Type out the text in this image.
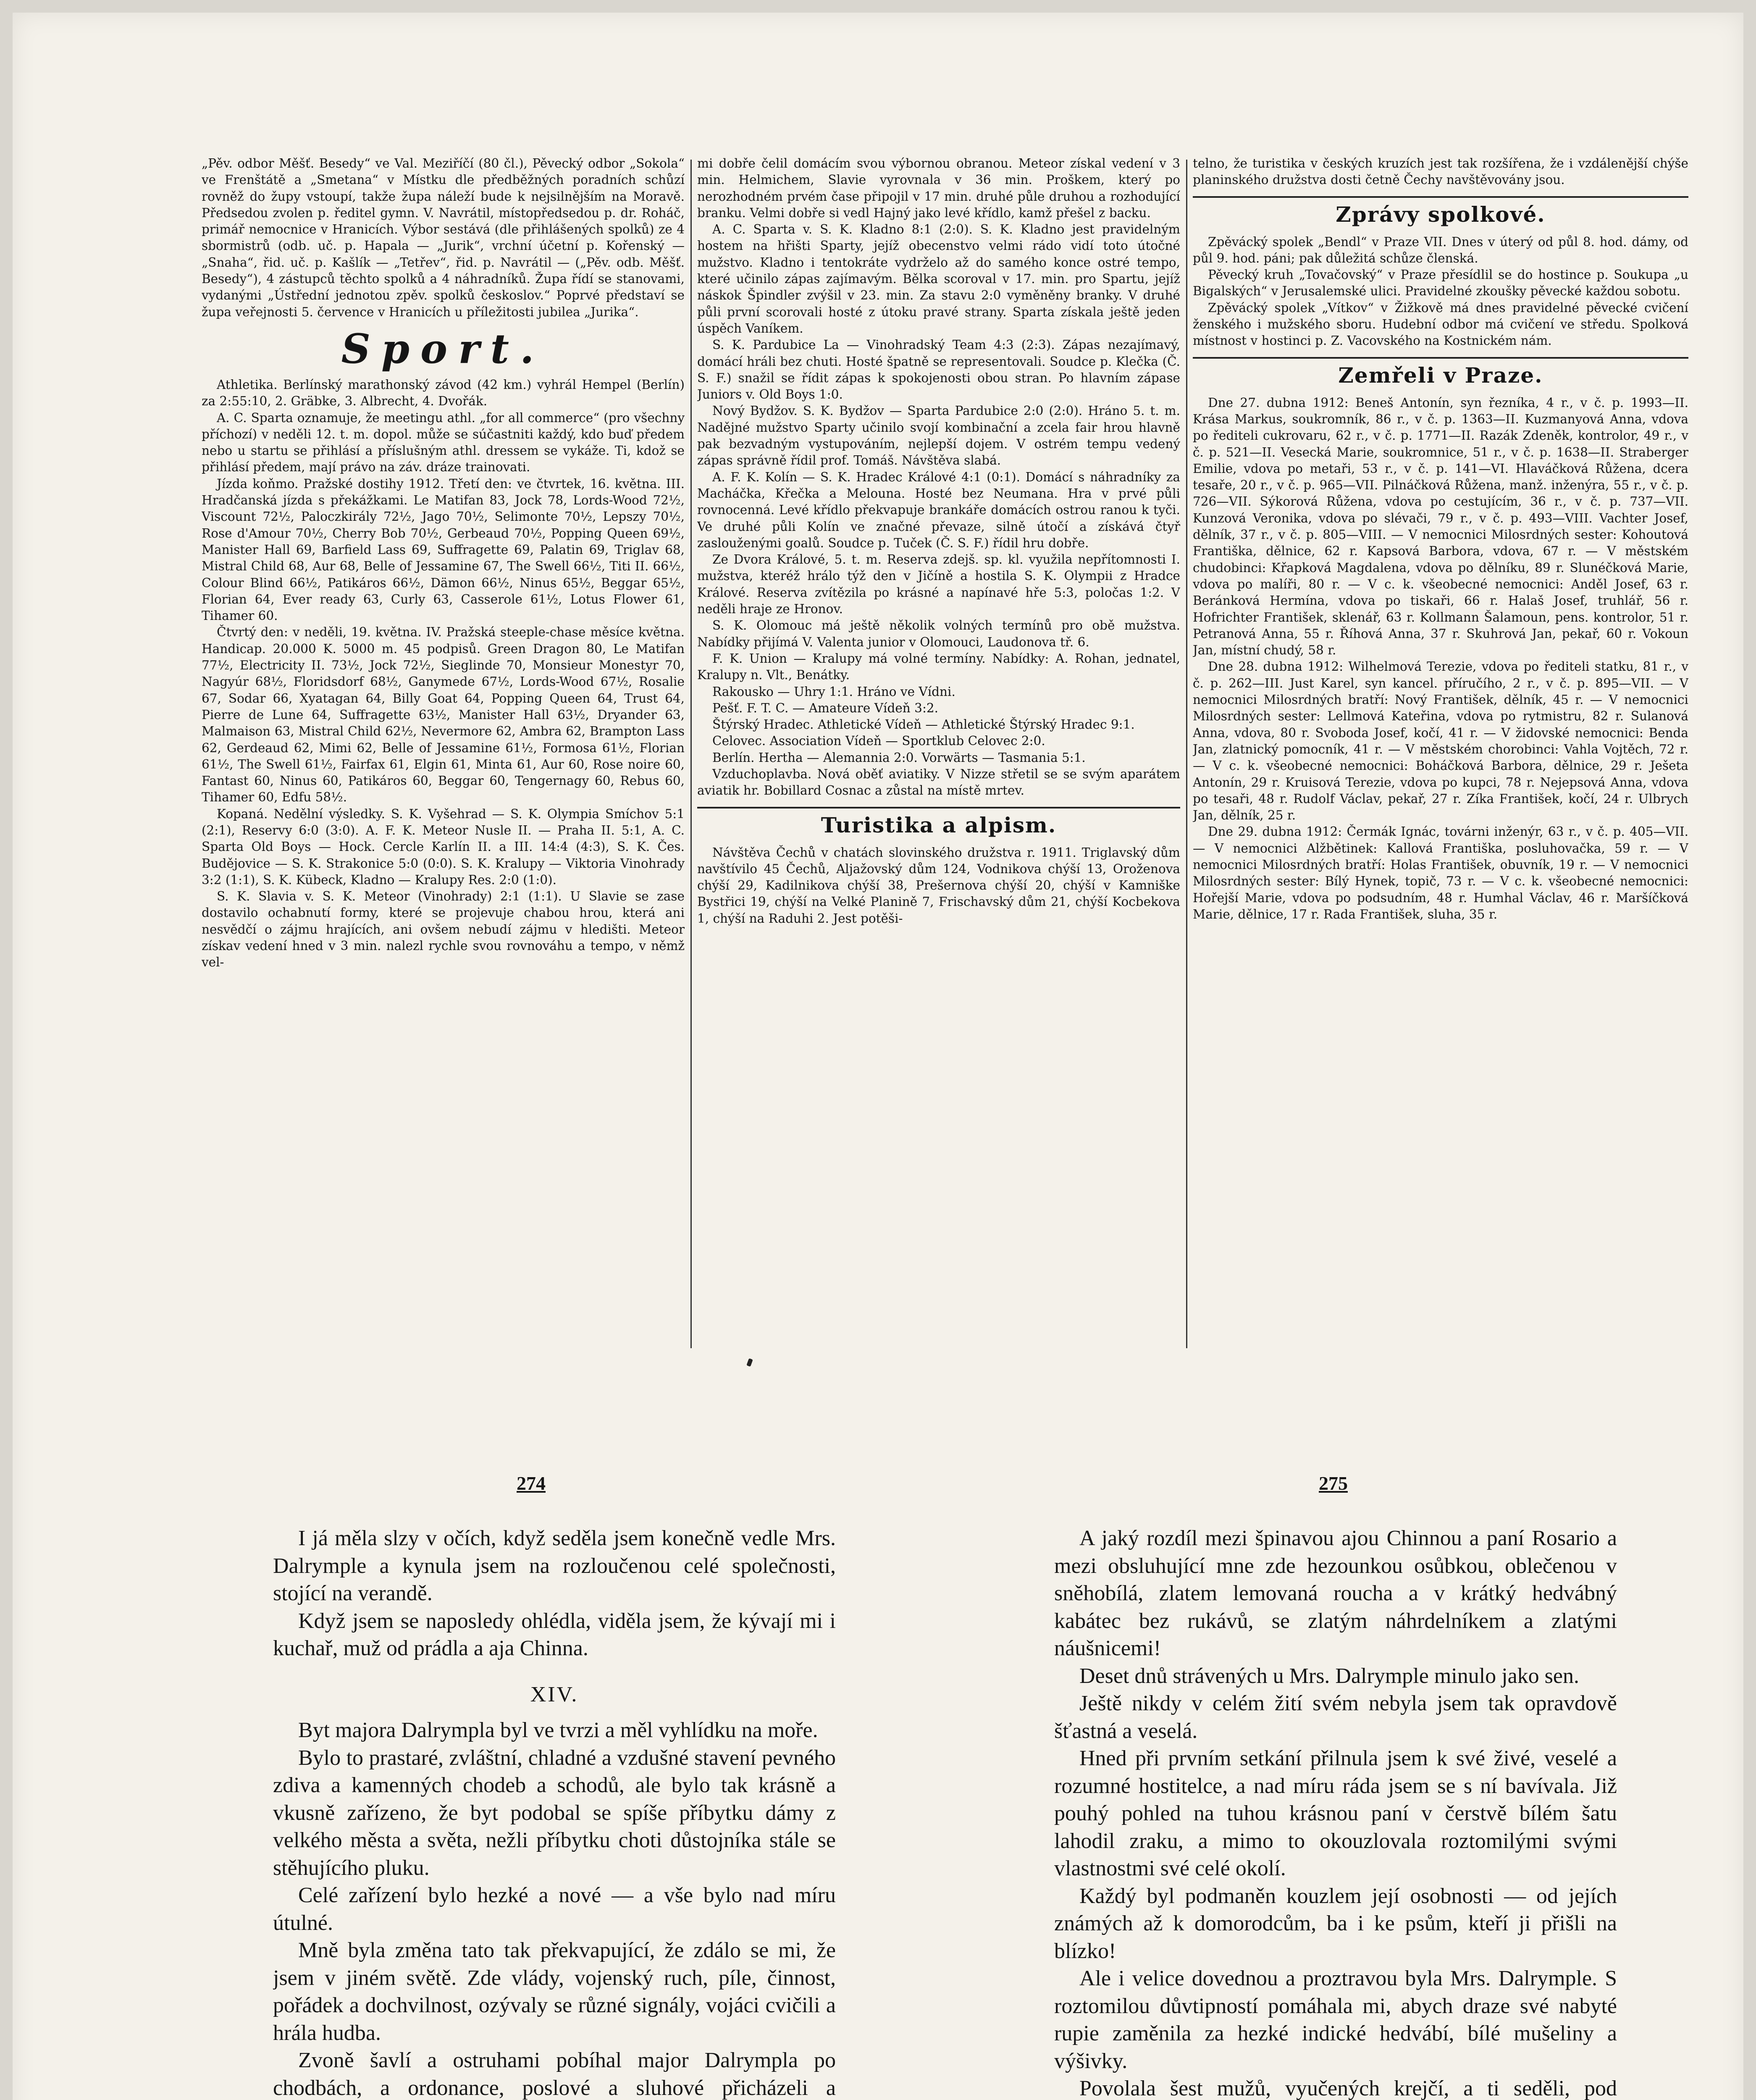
„Pěv. odbor Měšť. Besedy“ ve Val. Meziříčí (80 čl.), Pěvecký odbor „Sokola“ ve Frenštátě a „Smetana“ v Místku dle předběžných poradních schůzí rovněž do župy vstoupí, takže župa náleží bude k nejsilnějším na Moravě. Předsedou zvolen p. ředitel gymn. V. Navrátil, místopředsedou p. dr. Roháč, primář nemocnice v Hranicích. Výbor sestává (dle přihlášených spolků) ze 4 sbormistrů (odb. uč. p. Hapala — „Jurik“, vrchní účetní p. Kořenský — „Snaha“, řid. uč. p. Kašlík — „Tetřev“, řid. p. Navrátil — („Pěv. odb. Měšť. Besedy“), 4 zástupců těchto spolků a 4 náhradníků. Župa řídí se stanovami, vydanými „Ústřední jednotou zpěv. spolků českoslov.“ Poprvé představí se župa veřejnosti 5. července v Hranicích u příležitosti jubilea „Jurika“.

Sport.

Athletika. Berlínský marathonský závod (42 km.) vyhrál Hempel (Berlín) za 2:55:10, 2. Gräbke, 3. Albrecht, 4. Dvořák.

A. C. Sparta oznamuje, že meetingu athl. „for all commerce“ (pro všechny příchozí) v neděli 12. t. m. dopol. může se súčastniti každý, kdo buď předem nebo u startu se přihlásí a příslušným athl. dressem se vykáže. Ti, kdož se přihlásí předem, mají právo na záv. dráze trainovati.

Jízda koňmo. Pražské dostihy 1912. Třetí den: ve čtvrtek, 16. května. III. Hradčanská jízda s překážkami. Le Matifan 83, Jock 78, Lords-Wood 72½, Viscount 72½, Paloczkirály 72½, Jago 70½, Selimonte 70½, Lepszy 70½, Rose d'Amour 70½, Cherry Bob 70½, Gerbeaud 70½, Popping Queen 69½, Manister Hall 69, Barfield Lass 69, Suffragette 69, Palatin 69, Triglav 68, Mistral Child 68, Aur 68, Belle of Jessamine 67, The Swell 66½, Titi II. 66½, Colour Blind 66½, Patikáros 66½, Dämon 66½, Ninus 65½, Beggar 65½, Florian 64, Ever ready 63, Curly 63, Casserole 61½, Lotus Flower 61, Tihamer 60.

Čtvrtý den: v neděli, 19. května. IV. Pražská steeple-chase měsíce května. Handicap. 20.000 K. 5000 m. 45 podpisů. Green Dragon 80, Le Matifan 77½, Electricity II. 73½, Jock 72½, Sieglinde 70, Monsieur Monestyr 70, Nagyúr 68½, Floridsdorf 68½, Ganymede 67½, Lords-Wood 67½, Rosalie 67, Sodar 66, Xyatagan 64, Billy Goat 64, Popping Queen 64, Trust 64, Pierre de Lune 64, Suffragette 63½, Manister Hall 63½, Dryander 63, Malmaison 63, Mistral Child 62½, Nevermore 62, Ambra 62, Brampton Lass 62, Gerdeaud 62, Mimi 62, Belle of Jessamine 61½, Formosa 61½, Florian 61½, The Swell 61½, Fairfax 61, Elgin 61, Minta 61, Aur 60, Rose noire 60, Fantast 60, Ninus 60, Patikáros 60, Beggar 60, Tengernagy 60, Rebus 60, Tihamer 60, Edfu 58½.

Kopaná. Nedělní výsledky. S. K. Vyšehrad — S. K. Olympia Smíchov 5:1 (2:1), Reservy 6:0 (3:0). A. F. K. Meteor Nusle II. — Praha II. 5:1, A. C. Sparta Old Boys — Hock. Cercle Karlín II. a III. 14:4 (4:3), S. K. Čes. Budějovice — S. K. Strakonice 5:0 (0:0). S. K. Kralupy — Viktoria Vinohrady 3:2 (1:1), S. K. Kübeck, Kladno — Kralupy Res. 2:0 (1:0).

S. K. Slavia v. S. K. Meteor (Vinohrady) 2:1 (1:1). U Slavie se zase dostavilo ochabnutí formy, které se projevuje chabou hrou, která ani nesvědčí o zájmu hrajících, ani ovšem nebudí zájmu v hledišti. Meteor získav vedení hned v 3 min. nalezl rychle svou rovnováhu a tempo, v němž vel-

mi dobře čelil domácím svou výbornou obranou. Meteor získal vedení v 3 min. Helmichem, Slavie vyrovnala v 36 min. Proškem, který po nerozhodném prvém čase připojil v 17 min. druhé půle druhou a rozhodující branku. Velmi dobře si vedl Hajný jako levé křídlo, kamž přešel z backu.

A. C. Sparta v. S. K. Kladno 8:1 (2:0). S. K. Kladno jest pravidelným hostem na hřišti Sparty, jejíž obecenstvo velmi rádo vidí toto útočné mužstvo. Kladno i tentokráte vydrželo až do samého konce ostré tempo, které učinilo zápas zajímavým. Bělka scoroval v 17. min. pro Spartu, jejíž náskok Špindler zvýšil v 23. min. Za stavu 2:0 vyměněny branky. V druhé půli první scorovali hosté z útoku pravé strany. Sparta získala ještě jeden úspěch Vaníkem.

S. K. Pardubice La — Vinohradský Team 4:3 (2:3). Zápas nezajímavý, domácí hráli bez chuti. Hosté špatně se representovali. Soudce p. Klečka (Č. S. F.) snažil se řídit zápas k spokojenosti obou stran. Po hlavním zápase Juniors v. Old Boys 1:0.

Nový Bydžov. S. K. Bydžov — Sparta Pardubice 2:0 (2:0). Hráno 5. t. m. Nadějné mužstvo Sparty učinilo svojí kombinační a zcela fair hrou hlavně pak bezvadným vystupováním, nejlepší dojem. V ostrém tempu vedený zápas správně řídil prof. Tomáš. Návštěva slabá.

A. F. K. Kolín — S. K. Hradec Králové 4:1 (0:1). Domácí s náhradníky za Macháčka, Křečka a Melouna. Hosté bez Neumana. Hra v prvé půli rovnocenná. Levé křídlo překvapuje brankáře domácích ostrou ranou k tyči. Ve druhé půli Kolín ve značné převaze, silně útočí a získává čtyř zaslouženými goalů. Soudce p. Tuček (Č. S. F.) řídil hru dobře.

Ze Dvora Králové, 5. t. m. Reserva zdejš. sp. kl. využila nepřítomnosti I. mužstva, kteréž hrálo týž den v Jičíně a hostila S. K. Olympii z Hradce Králové. Reserva zvítězila po krásné a napínavé hře 5:3, poločas 1:2. V neděli hraje ze Hronov.

S. K. Olomouc má ještě několik volných termínů pro obě mužstva. Nabídky přijímá V. Valenta junior v Olomouci, Laudonova tř. 6.

F. K. Union — Kralupy má volné termíny. Nabídky: A. Rohan, jednatel, Kralupy n. Vlt., Benátky.

Rakousko — Uhry 1:1. Hráno ve Vídni.

Pešť. F. T. C. — Amateure Vídeň 3:2.

Štýrský Hradec. Athletické Vídeň — Athletické Štýrský Hradec 9:1.

Celovec. Association Vídeň — Sportklub Celovec 2:0.

Berlín. Hertha — Alemannia 2:0. Vorwärts — Tasmania 5:1.

Vzduchoplavba. Nová oběť aviatiky. V Nizze střetil se se svým aparátem aviatik hr. Bobillard Cosnac a zůstal na místě mrtev.

Turistika a alpism.

Návštěva Čechů v chatách slovinského družstva r. 1911. Triglavský dům navštívilo 45 Čechů, Aljažovský dům 124, Vodnikova chýší 13, Oroženova chýší 29, Kadilnikova chýší 38, Prešernova chýší 20, chýší v Kamniške Bystřici 19, chýší na Velké Planině 7, Frischavský dům 21, chýší Kocbekova 1, chýší na Raduhi 2. Jest potěši-

telno, že turistika v českých kruzích jest tak rozšířena, že i vzdálenější chýše planinského družstva dosti četně Čechy navštěvovány jsou.

Zprávy spolkové.

Zpěvácký spolek „Bendl“ v Praze VII. Dnes v úterý od půl 8. hod. dámy, od půl 9. hod. páni; pak důležitá schůze členská.

Pěvecký kruh „Tovačovský“ v Praze přesídlil se do hostince p. Soukupa „u Bigalských“ v Jerusalemské ulici. Pravidelné zkoušky pěvecké každou sobotu.

Zpěvácký spolek „Vítkov“ v Žižkově má dnes pravidelné pěvecké cvičení ženského i mužského sboru. Hudební odbor má cvičení ve středu. Spolková místnost v hostinci p. Z. Vacovského na Kostnickém nám.

Zemřeli v Praze.

Dne 27. dubna 1912: Beneš Antonín, syn řezníka, 4 r., v č. p. 1993—II. Krása Markus, soukromník, 86 r., v č. p. 1363—II. Kuzmanyová Anna, vdova po řediteli cukrovaru, 62 r., v č. p. 1771—II. Razák Zdeněk, kontrolor, 49 r., v č. p. 521—II. Vesecká Marie, soukromnice, 51 r., v č. p. 1638—II. Straberger Emilie, vdova po metaři, 53 r., v č. p. 141—VI. Hlaváčková Růžena, dcera tesaře, 20 r., v č. p. 965—VII. Pilnáčková Růžena, manž. inženýra, 55 r., v č. p. 726—VII. Sýkorová Růžena, vdova po cestujícím, 36 r., v č. p. 737—VII. Kunzová Veronika, vdova po slévači, 79 r., v č. p. 493—VIII. Vachter Josef, dělník, 37 r., v č. p. 805—VIII. — V nemocnici Milosrdných sester: Kohoutová Františka, dělnice, 62 r. Kapsová Barbora, vdova, 67 r. — V městském chudobinci: Křapková Magdalena, vdova po dělníku, 89 r. Slunéčková Marie, vdova po malíři, 80 r. — V c. k. všeobecné nemocnici: Anděl Josef, 63 r. Beránková Hermína, vdova po tiskaři, 66 r. Halaš Josef, truhlář, 56 r. Hofrichter František, sklenář, 63 r. Kollmann Šalamoun, pens. kontrolor, 51 r. Petranová Anna, 55 r. Říhová Anna, 37 r. Skuhrová Jan, pekař, 60 r. Vokoun Jan, místní chudý, 58 r.

Dne 28. dubna 1912: Wilhelmová Terezie, vdova po řediteli statku, 81 r., v č. p. 262—III. Just Karel, syn kancel. příručího, 2 r., v č. p. 895—VII. — V nemocnici Milosrdných bratří: Nový František, dělník, 45 r. — V nemocnici Milosrdných sester: Lellmová Kateřina, vdova po rytmistru, 82 r. Sulanová Anna, vdova, 80 r. Svoboda Josef, kočí, 41 r. — V židovské nemocnici: Benda Jan, zlatnický pomocník, 41 r. — V městském chorobinci: Vahla Vojtěch, 72 r. — V c. k. všeobecné nemocnici: Boháčková Barbora, dělnice, 29 r. Ješeta Antonín, 29 r. Kruisová Terezie, vdova po kupci, 78 r. Nejepsová Anna, vdova po tesaři, 48 r. Rudolf Václav, pekař, 27 r. Zíka František, kočí, 24 r. Ulbrych Jan, dělník, 25 r.

Dne 29. dubna 1912: Čermák Ignác, továrni inženýr, 63 r., v č. p. 405—VII. — V nemocnici Alžbětinek: Kallová Františka, posluhovačka, 59 r. — V nemocnici Milosrdných bratří: Holas František, obuvník, 19 r. — V nemocnici Milosrdných sester: Bílý Hynek, topič, 73 r. — V c. k. všeobecné nemocnici: Hořejší Marie, vdova po podsudním, 48 r. Humhal Václav, 46 r. Maršíčková Marie, dělnice, 17 r. Rada František, sluha, 35 r.

274	275

I já měla slzy v očích, když seděla jsem konečně vedle Mrs. Dalrymple a kynula jsem na rozloučenou celé společnosti, stojící na verandě.

Když jsem se naposledy ohlédla, viděla jsem, že kývají mi i kuchař, muž od prádla a aja Chinna.

XIV.

Byt majora Dalrympla byl ve tvrzi a měl vyhlídku na moře.

Bylo to prastaré, zvláštní, chladné a vzdušné stavení pevného zdiva a kamenných chodeb a schodů, ale bylo tak krásně a vkusně zařízeno, že byt podobal se spíše příbytku dámy z velkého města a světa, nežli příbytku choti důstojníka stále se stěhujícího pluku.

Celé zařízení bylo hezké a nové — a vše bylo nad míru útulné.

Mně byla změna tato tak překvapující, že zdálo se mi, že jsem v jiném světě. Zde vlády, vojenský ruch, píle, činnost, pořádek a dochvilnost, ozývaly se různé signály, vojáci cvičili a hrála hudba.

Zvoně šavlí a ostruhami pobíhal major Dalrympla po chodbách, a ordonance, poslové a sluhové přicházeli a

A jaký rozdíl mezi špinavou ajou Chinnou a paní Rosario a mezi obsluhující mne zde hezounkou osůbkou, oblečenou v sněhobílá, zlatem lemovaná roucha a v krátký hedvábný kabátec bez rukávů, se zlatým náhrdelníkem a zlatými náušnicemi!

Deset dnů strávených u Mrs. Dalrymple minulo jako sen.

Ještě nikdy v celém žití svém nebyla jsem tak opravdově šťastná a veselá.

Hned při prvním setkání přilnula jsem k své živé, veselé a rozumné hostitelce, a nad míru ráda jsem se s ní bavívala. Již pouhý pohled na tuhou krásnou paní v čerstvě bílém šatu lahodil zraku, a mimo to okouzlovala roztomilými svými vlastnostmi své celé okolí.

Každý byl podmaněn kouzlem její osobnosti — od jejích známých až k domorodcům, ba i ke psům, kteří ji přišli na blízko!

Ale i velice dovednou a proztravou byla Mrs. Dalrymple. S roztomilou důvtipností pomáhala mi, abych draze své nabyté rupie zaměnila za hezké indické hedvábí, bílé mušeliny a výšivky.

Povolala šest mužů, vyučených krejčí, a ti seděli, pod
